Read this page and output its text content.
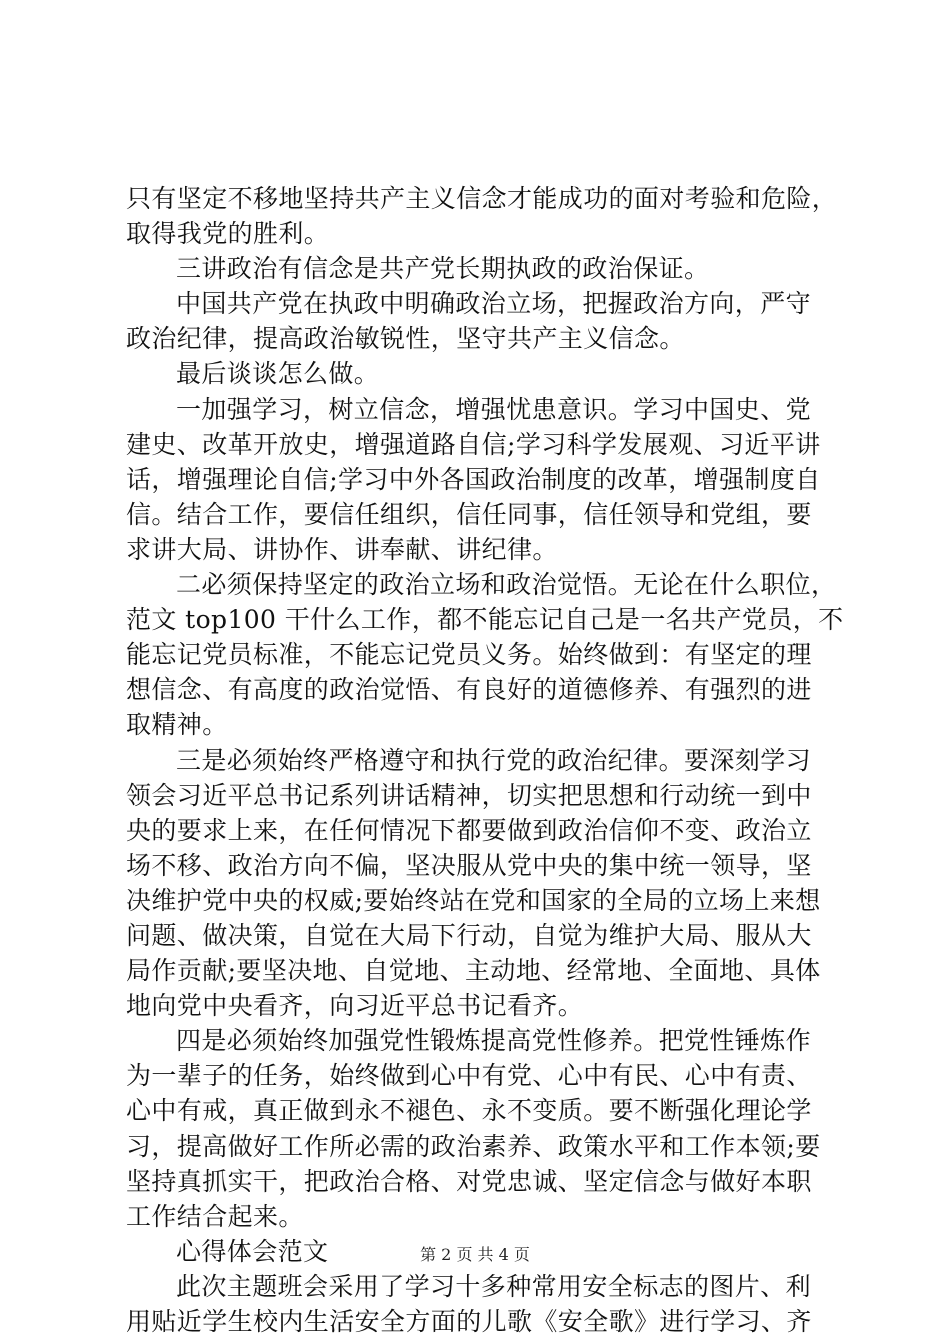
只有坚定不移地坚持共产主义信念才能成功的面对考验和危险，
取得我党的胜利。
三讲政治有信念是共产党长期执政的政治保证。
中国共产党在执政中明确政治立场，把握政治方向，严守
政治纪律，提高政治敏锐性，坚守共产主义信念。
最后谈谈怎么做。
一加强学习，树立信念，增强忧患意识。学习中国史、党
建史、改革开放史，增强道路自信;学习科学发展观、习近平讲
话，增强理论自信;学习中外各国政治制度的改革，增强制度自
信。结合工作，要信任组织，信任同事，信任领导和党组，要
求讲大局、讲协作、讲奉献、讲纪律。
二必须保持坚定的政治立场和政治觉悟。无论在什么职位，
范文 top100 干什么工作，都不能忘记自己是一名共产党员，不
能忘记党员标准，不能忘记党员义务。始终做到：有坚定的理
想信念、有高度的政治觉悟、有良好的道德修养、有强烈的进
取精神。
三是必须始终严格遵守和执行党的政治纪律。要深刻学习
领会习近平总书记系列讲话精神，切实把思想和行动统一到中
央的要求上来，在任何情况下都要做到政治信仰不变、政治立
场不移、政治方向不偏，坚决服从党中央的集中统一领导，坚
决维护党中央的权威;要始终站在党和国家的全局的立场上来想
问题、做决策，自觉在大局下行动，自觉为维护大局、服从大
局作贡献;要坚决地、自觉地、主动地、经常地、全面地、具体
地向党中央看齐，向习近平总书记看齐。
四是必须始终加强党性锻炼提高党性修养。把党性锤炼作
为一辈子的任务，始终做到心中有党、心中有民、心中有责、
心中有戒，真正做到永不褪色、永不变质。要不断强化理论学
习，提高做好工作所必需的政治素养、政策水平和工作本领;要
坚持真抓实干，把政治合格、对党忠诚、坚定信念与做好本职
工作结合起来。
心得体会范文
此次主题班会采用了学习十多种常用安全标志的图片、利
用贴近学生校内生活安全方面的儿歌《安全歌》进行学习、齐
第 2 页 共 4 页
